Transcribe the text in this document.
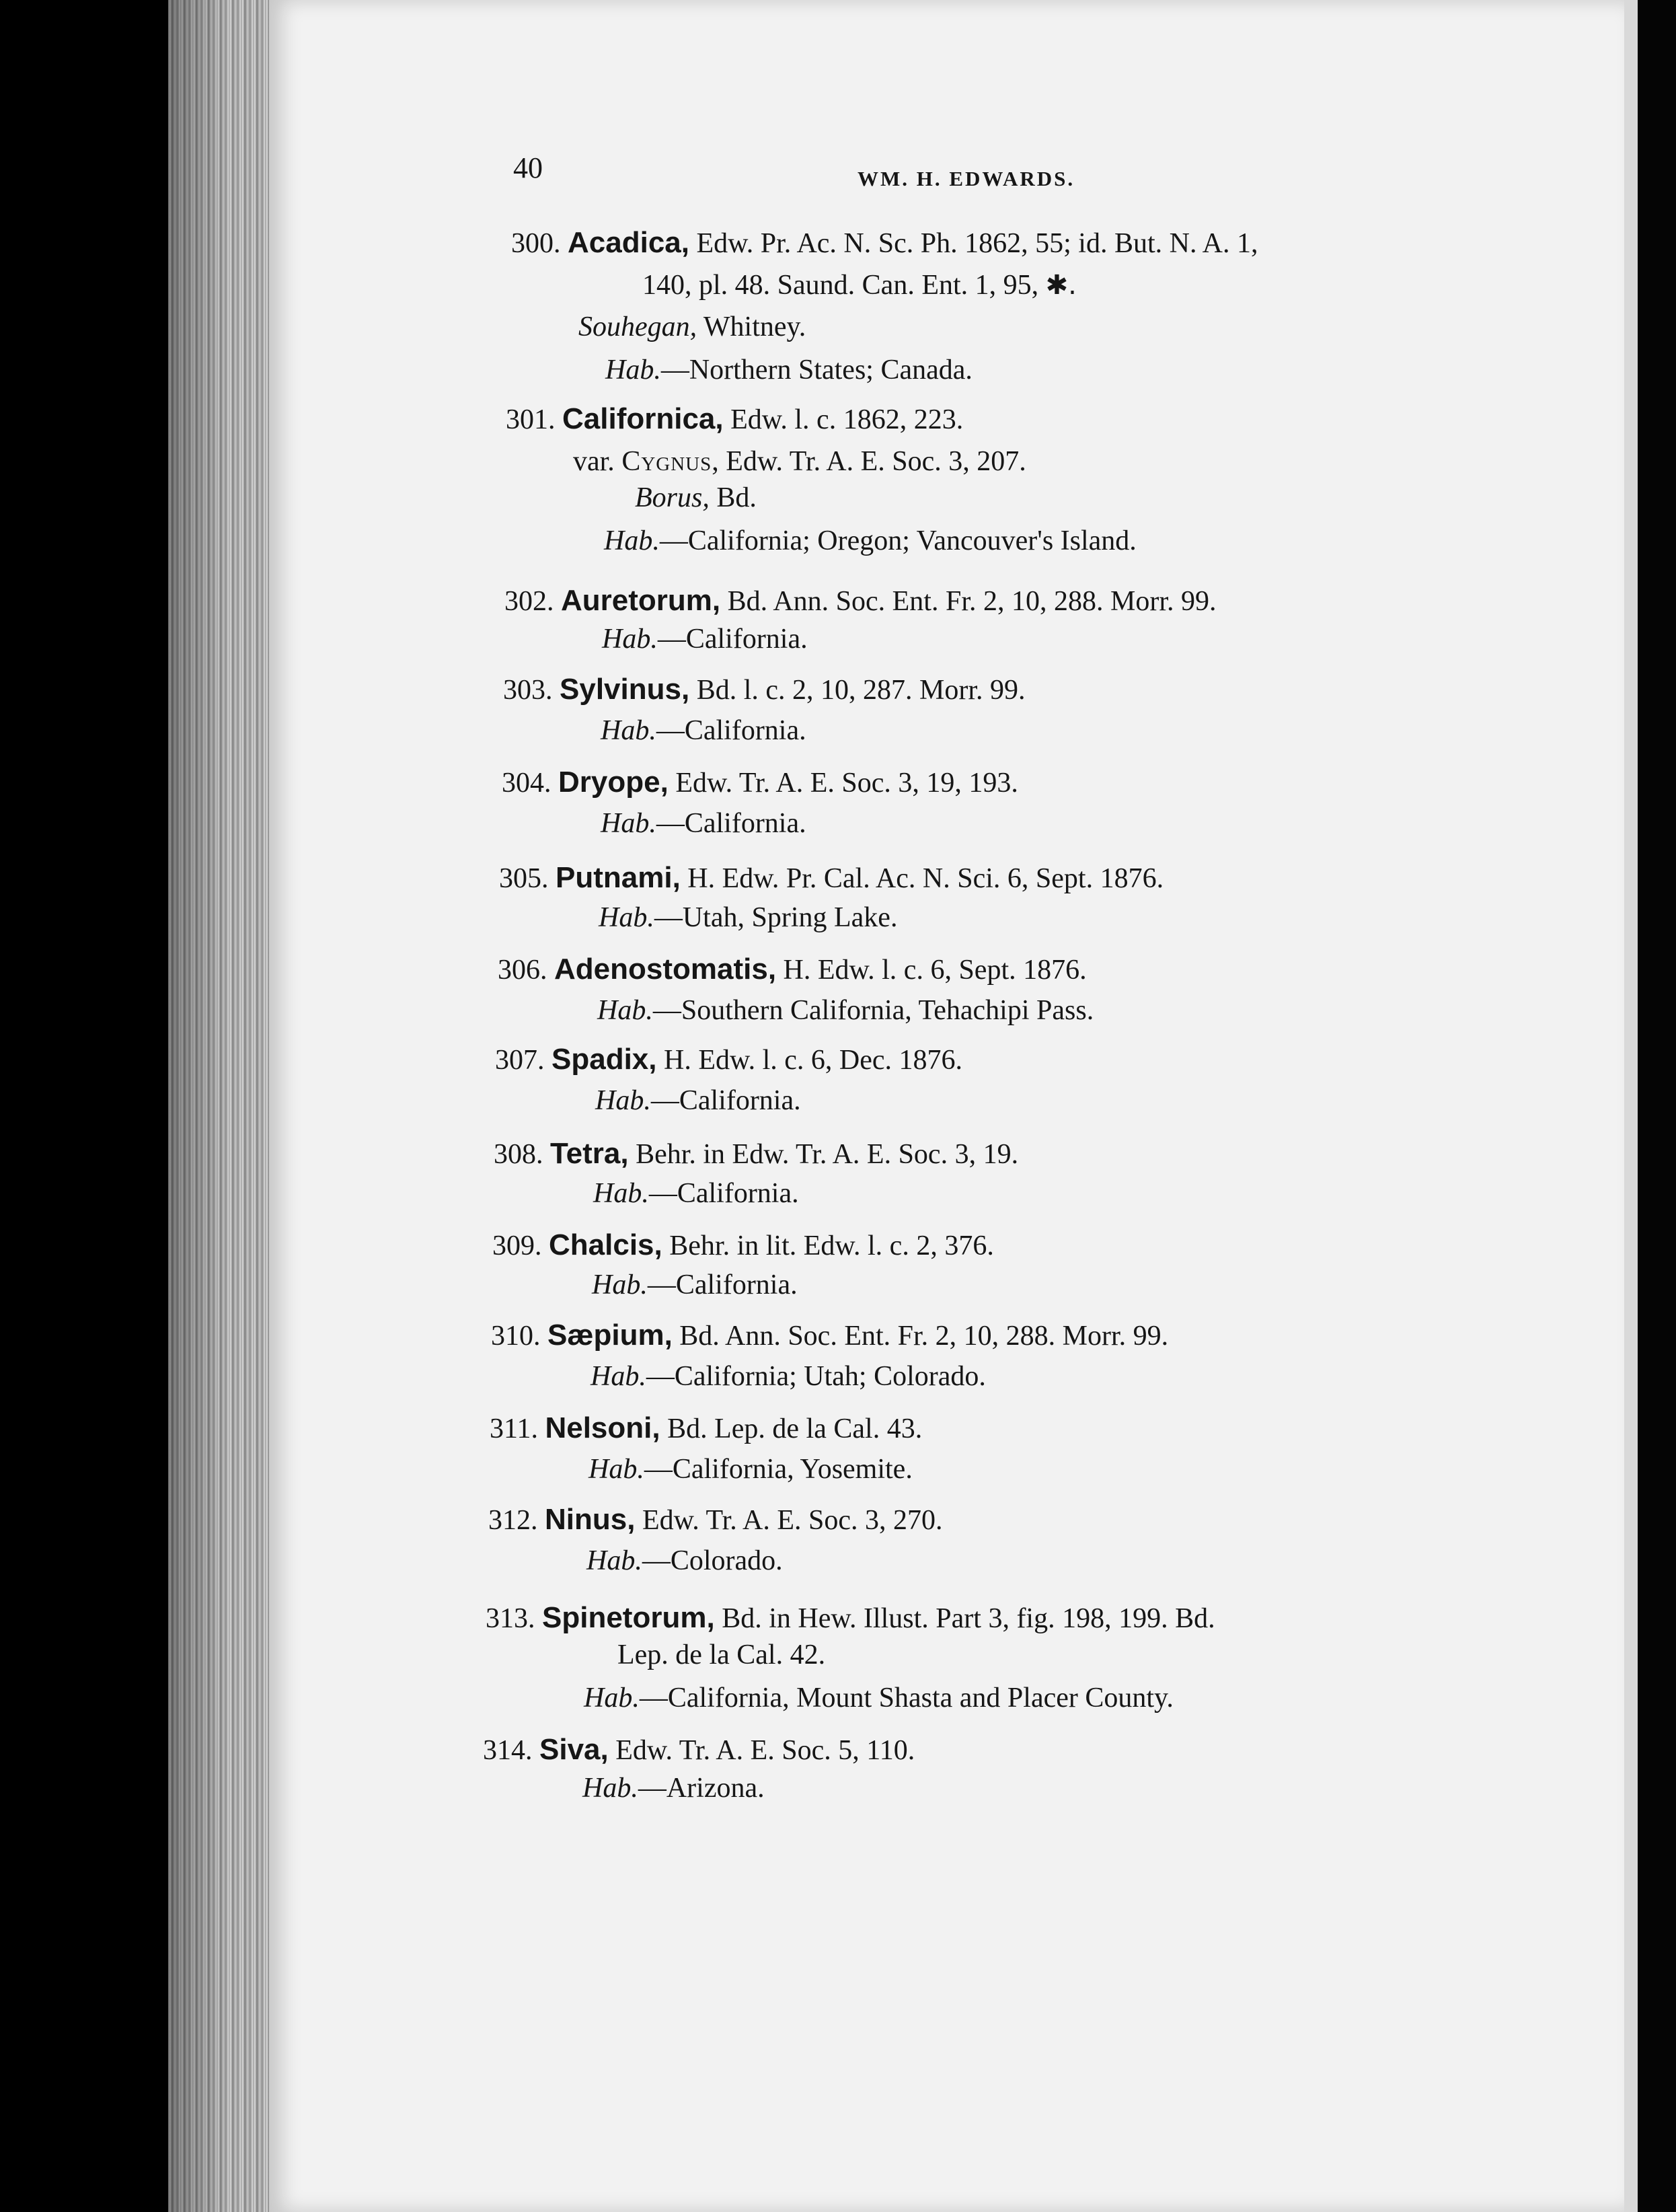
40	WM. H. EDWARDS.
300. Acadica, Edw. Pr. Ac. N. Sc. Ph. 1862, 55; id. But. N. A. 1,
140, pl. 48. Saund. Can. Ent. 1, 95, ✱.
Souhegan, Whitney.
Hab.—Northern States; Canada.
301. Californica, Edw. l. c. 1862, 223.
var. Cygnus, Edw. Tr. A. E. Soc. 3, 207.
Borus, Bd.
Hab.—California; Oregon; Vancouver's Island.
302. Auretorum, Bd. Ann. Soc. Ent. Fr. 2, 10, 288. Morr. 99.
Hab.—California.
303. Sylvinus, Bd. l. c. 2, 10, 287. Morr. 99.
Hab.—California.
304. Dryope, Edw. Tr. A. E. Soc. 3, 19, 193.
Hab.—California.
305. Putnami, H. Edw. Pr. Cal. Ac. N. Sci. 6, Sept. 1876.
Hab.—Utah, Spring Lake.
306. Adenostomatis, H. Edw. l. c. 6, Sept. 1876.
Hab.—Southern California, Tehachipi Pass.
307. Spadix, H. Edw. l. c. 6, Dec. 1876.
Hab.—California.
308. Tetra, Behr. in Edw. Tr. A. E. Soc. 3, 19.
Hab.—California.
309. Chalcis, Behr. in lit. Edw. l. c. 2, 376.
Hab.—California.
310. Sæpium, Bd. Ann. Soc. Ent. Fr. 2, 10, 288. Morr. 99.
Hab.—California; Utah; Colorado.
311. Nelsoni, Bd. Lep. de la Cal. 43.
Hab.—California, Yosemite.
312. Ninus, Edw. Tr. A. E. Soc. 3, 270.
Hab.—Colorado.
313. Spinetorum, Bd. in Hew. Illust. Part 3, fig. 198, 199. Bd.
Lep. de la Cal. 42.
Hab.—California, Mount Shasta and Placer County.
314. Siva, Edw. Tr. A. E. Soc. 5, 110.
Hab.—Arizona.
